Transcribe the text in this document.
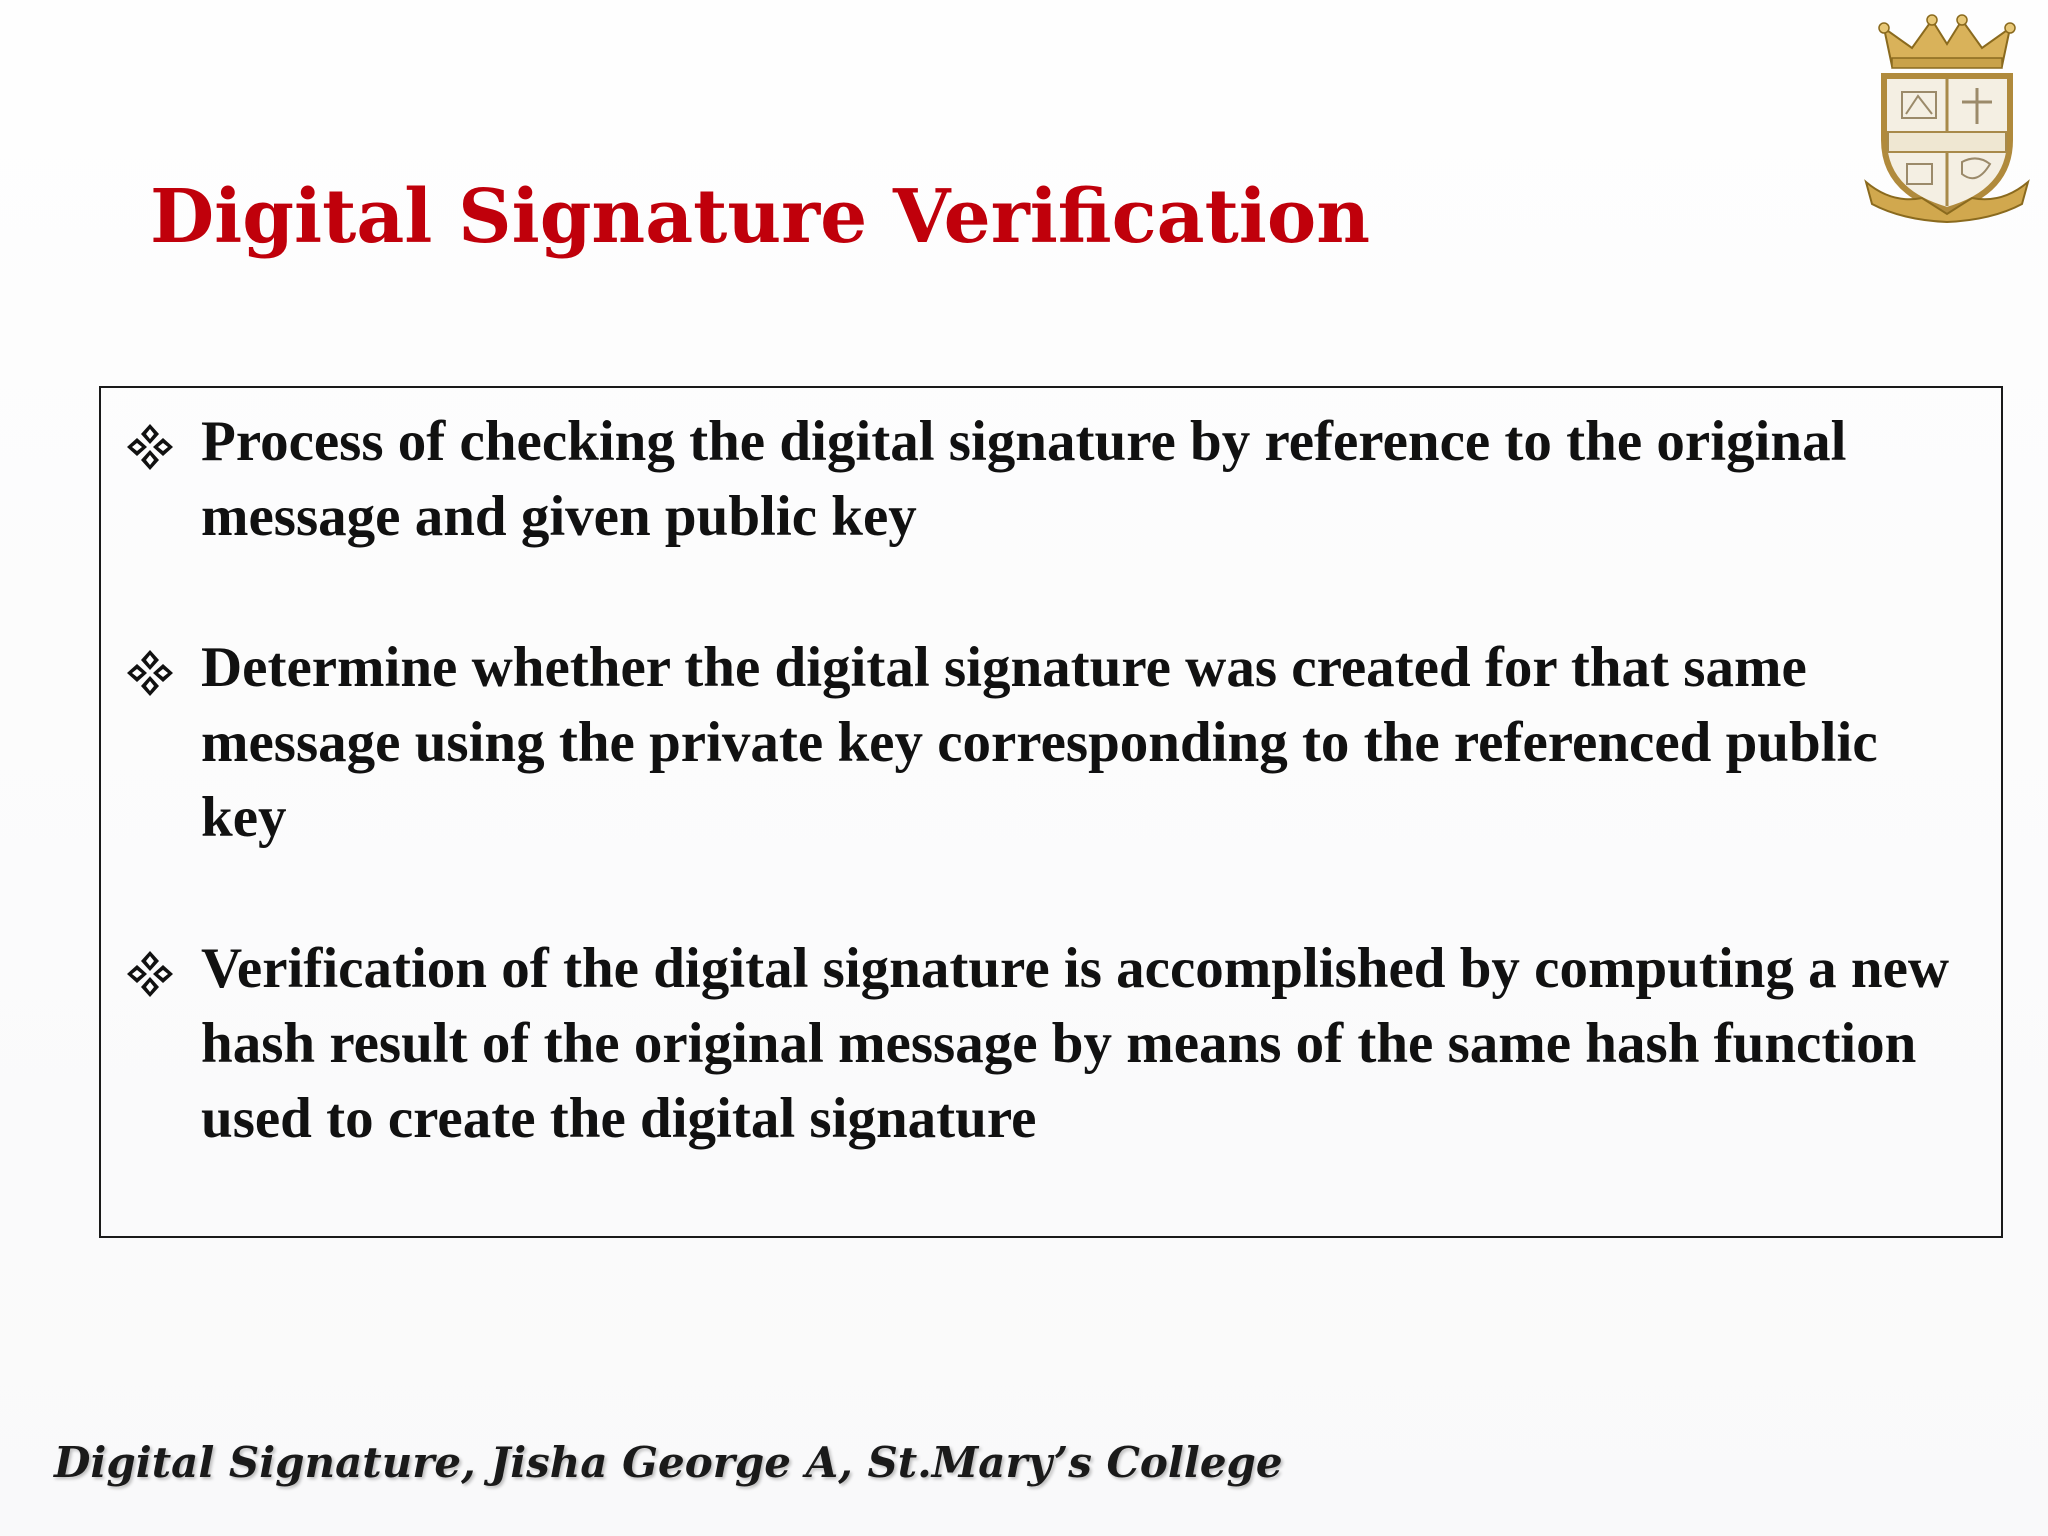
Digital Signature Verification
Process of checking the digital signature by reference to the original message and given public key
Determine whether the digital signature was created for that same message using the private key corresponding to the referenced public key
Verification of the digital signature is accomplished by computing a new hash result of the original message by means of the same hash function used to create the digital signature

Digital Signature, Jisha George A, St.Mary’s College
